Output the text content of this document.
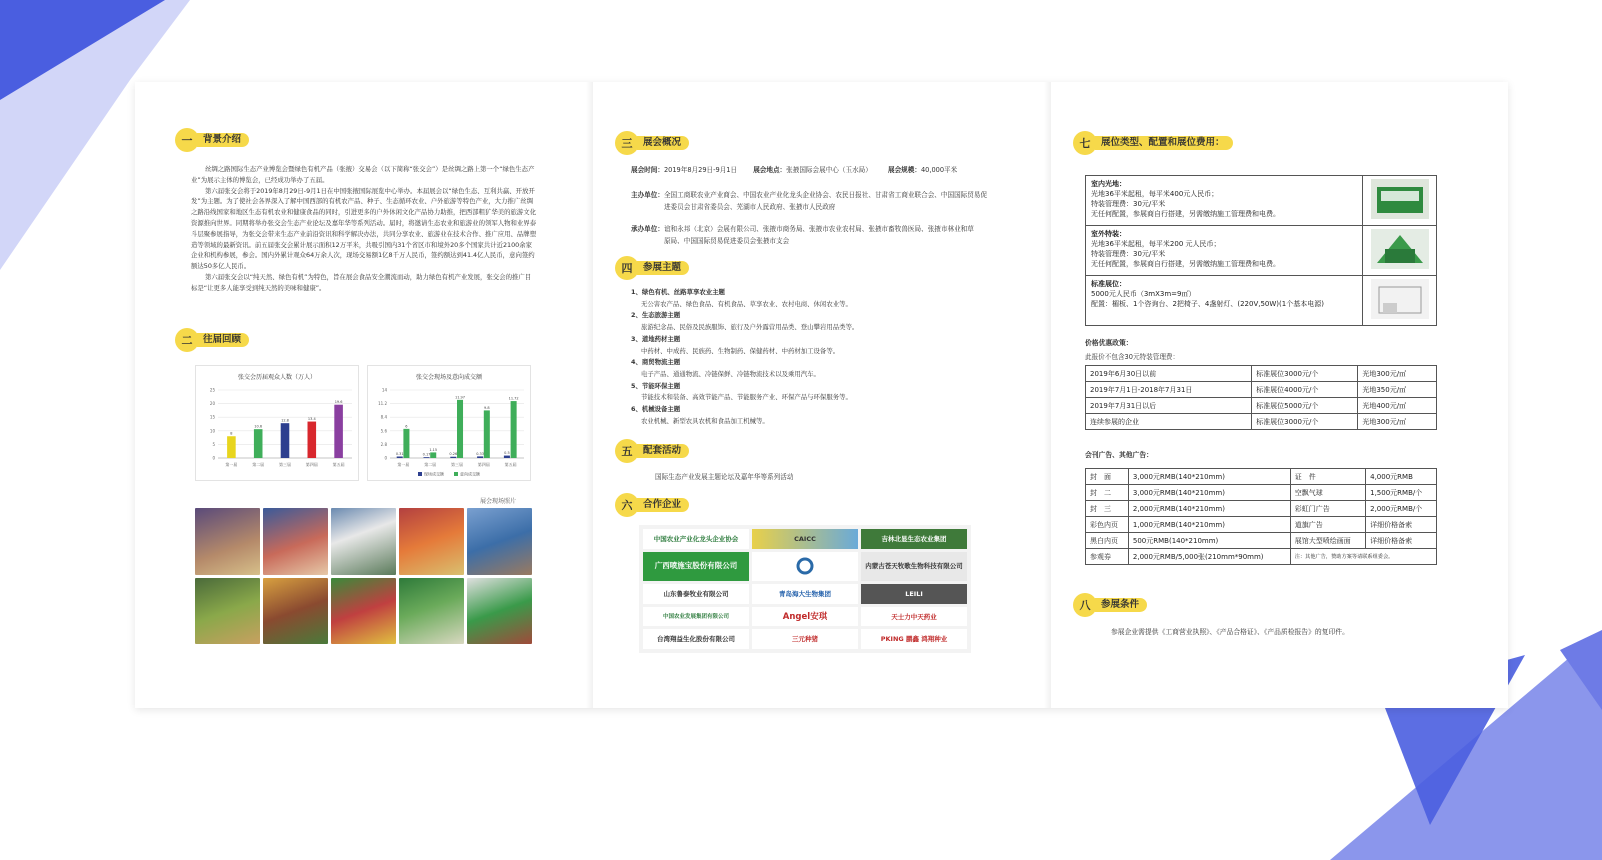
一	背景介绍

丝绸之路国际生态产业博览会暨绿色有机产品（张掖）交易会（以下简称“张交会”）是丝绸之路上第一个“绿色生态产业”为展示主体的博览会，已经成功举办了五届。

第六届张交会将于2019年8月29日-9月1日在中国张掖国际展览中心举办。本届展会以“绿色生态、互利共赢、开放开发”为主题。为了使社会各界深入了解中国西部的有机农产品、种子、生态循环农业、户外旅游等特色产业，大力推广丝绸之路沿线国家和地区生态有机农业和健康食品的同时，引进更多的户外休闲文化产品协力助推，把西部粗犷华美的旅游文化资源推向世界。同期将举办张交会生态产业论坛及嘉年华等系列活动。届时，将邀请生态农业和旅游业的领军人物和业界泰斗层聚参展指导，为张交会带来生态产业前沿资讯和科学解决办法，共同分享农业、旅游业在技术合作、推广应用、品牌塑造等领域的最新资讯。前五届张交会累计展示面积12万平米，共吸引国内31个省区市和境外20多个国家共计近2100余家企业和机构参展，参会。国内外累计观众64万余人次，现场交易额1亿8千万人民币，签约额达到41.4亿人民币，意向签约额达50多亿人民币。

第六届张交会以“纯天然、绿色有机”为特色，旨在展会食品安全潮流而动，助力绿色有机产业发展，张交会的推广目标是“让更多人能享受到纯天然的美味和健康”。

二	往届回顾
张交会历届观众人数（万人）
0
5
10
15
20
25
第一届
8
第二届
10.6
第三届
12.8
第四届
13.4
第五届
19.6
张交会现场及意向成交额
0
2.8
5.6
8.4
11.2
14
第一届
0.31
6
第二届
0.17
1.15
第三届
0.26
11.97
第四届
0.33
9.8
第五届
0.5
11.72
现场成交额	意向成交额
展会现场照片
三	展会概况
展会时间：2019年8月29日-9月1日 展会地点：张掖国际会展中心（玉水局） 展会规模：40,000平米
主办单位： 全国工商联农业产业商会、中国农业产业化龙头企业协会、农民日报社、甘肃省工商业联合会、中国国际贸易促进委员会甘肃省委员会、芜湖市人民政府、张掖市人民政府
承办单位： 谊和永邦（北京）会展有限公司、张掖市商务局、张掖市农业农村局、张掖市畜牧兽医局、张掖市林业和草原局、中国国际贸易促进委员会张掖市支会
四	参展主题

1、绿色有机、丝路草享农业主题

无公害农产品、绿色食品、有机食品、草享农业、农村电商、休闲农业等。

2、生态旅游主题

旅游纪念品、民俗及民族服饰、旅行及户外露营用品类、登山攀岩用品类等。

3、道地药材主题

中药材、中成药、民族药、生物制药、保健药材、中药材加工设备等。

4、商贸物流主题

电子产品、通通物流、冷链保鲜、冷链物流技术以及乘用汽车。

5、节能环保主题

节能技术和装备、高效节能产品、节能服务产业、环保产品与环保服务等。

6、机械设备主题

农业机械、新型农具农机和食品加工机械等。

五	配套活动
国际生态产业发展主题论坛及嘉年华等系列活动
六	合作企业
中国农业产业化龙头企业协会	CAICC	吉林北显生态农业集团
广西喷施宝股份有限公司	内蒙古苍天牧歌生物科技有限公司
山东鲁泰牧业有限公司	青岛海大生物集团	LEILI
中国农业发展集团有限公司	Angel安琪	天士力中天药业
台湾翔益生化股份有限公司	三元种猪	PKING 鹏鑫 鸿翔种业
七	展位类型、配置和展位费用：
室内光地：
光地36平米起租，每平米400元人民币；
特装管理费：30元/平米
无任何配置，参展商自行搭建，另需缴纳施工管理费和电费。

室外特装：
光地36平米起租，每平米200 元人民币；
特装管理费：30元/平米
无任何配置，参展商自行搭建，另需缴纳施工管理费和电费。

标准展位：
5000元人民币（3mX3m=9㎡）
配置：楣板、1个咨询台、2把椅子、4盏射灯、(220V,50W)(1个基本电源)

价格优惠政策：
此报价不包含30元特装管理费：
2019年6月30日以前	标准展位3000元/个	光地300元/㎡
2019年7月1日-2018年7月31日	标准展位4000元/个	光地350元/㎡
2019年7月31日以后	标准展位5000元/个	光地400元/㎡
连续参展的企业	标准展位3000元/个	光地300元/㎡
会刊广告、其他广告：
封　面	3,000元RMB(140*210mm)	证　件	4,000元RMB
封　二	3,000元RMB(140*210mm)	空飘气球	1,500元RMB/个
封　三	2,000元RMB(140*210mm)	彩虹门广告	2,000元RMB/个
彩色内页	1,000元RMB(140*210mm)	道旗广告	详细价格备索
黑白内页	500元RMB(140*210mm)	展馆大型喷绘画面	详细价格备索
参观券	2,000元RMB/5,000张(210mm*90mm)	注：其他广告，赞助方案等请联系组委会。	
八	参展条件
参展企业需提供《工商营业执照》、《产品合格证》、《产品质检报告》的复印件。
